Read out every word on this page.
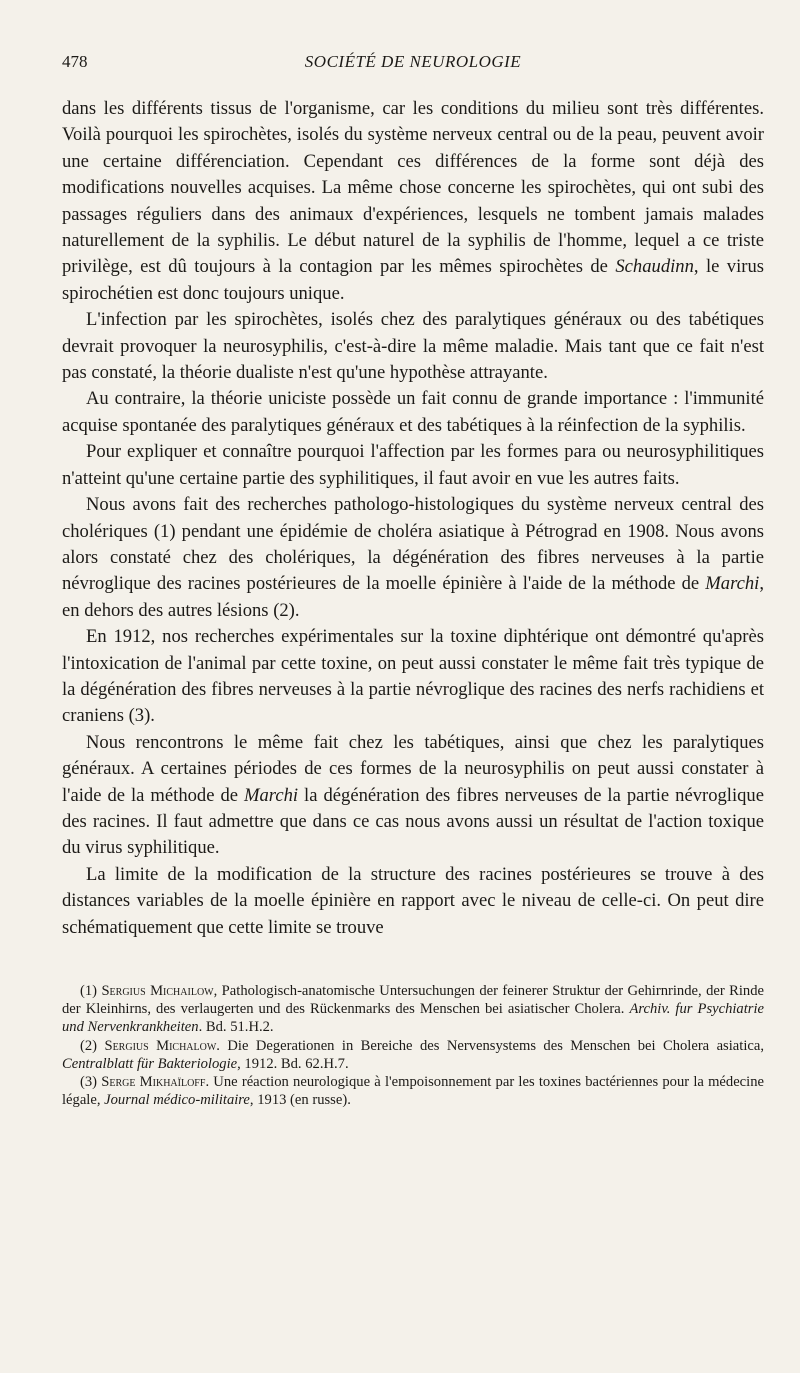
478	SOCIÉTÉ DE NEUROLOGIE

dans les différents tissus de l'organisme, car les conditions du milieu sont très différentes. Voilà pourquoi les spirochètes, isolés du système nerveux central ou de la peau, peuvent avoir une certaine différenciation. Cependant ces différences de la forme sont déjà des modifications nouvelles acquises. La même chose concerne les spirochètes, qui ont subi des passages réguliers dans des animaux d'expériences, lesquels ne tombent jamais malades naturellement de la syphilis. Le début naturel de la syphilis de l'homme, lequel a ce triste privilège, est dû toujours à la contagion par les mêmes spirochètes de Schaudinn, le virus spirochétien est donc toujours unique.

L'infection par les spirochètes, isolés chez des paralytiques généraux ou des tabétiques devrait provoquer la neurosyphilis, c'est-à-dire la même maladie. Mais tant que ce fait n'est pas constaté, la théorie dualiste n'est qu'une hypothèse attrayante.

Au contraire, la théorie uniciste possède un fait connu de grande importance : l'immunité acquise spontanée des paralytiques généraux et des tabétiques à la réinfection de la syphilis.

Pour expliquer et connaître pourquoi l'affection par les formes para ou neurosyphilitiques n'atteint qu'une certaine partie des syphilitiques, il faut avoir en vue les autres faits.

Nous avons fait des recherches pathologo-histologiques du système nerveux central des cholériques (1) pendant une épidémie de choléra asiatique à Pétrograd en 1908. Nous avons alors constaté chez des cholériques, la dégénération des fibres nerveuses à la partie névroglique des racines postérieures de la moelle épinière à l'aide de la méthode de Marchi, en dehors des autres lésions (2).

En 1912, nos recherches expérimentales sur la toxine diphtérique ont démontré qu'après l'intoxication de l'animal par cette toxine, on peut aussi constater le même fait très typique de la dégénération des fibres nerveuses à la partie névroglique des racines des nerfs rachidiens et craniens (3).

Nous rencontrons le même fait chez les tabétiques, ainsi que chez les paralytiques généraux. A certaines périodes de ces formes de la neurosyphilis on peut aussi constater à l'aide de la méthode de Marchi la dégénération des fibres nerveuses de la partie névroglique des racines. Il faut admettre que dans ce cas nous avons aussi un résultat de l'action toxique du virus syphilitique.

La limite de la modification de la structure des racines postérieures se trouve à des distances variables de la moelle épinière en rapport avec le niveau de celle-ci. On peut dire schématiquement que cette limite se trouve

(1) Sergius Michailow, Pathologisch-anatomische Untersuchungen der feinerer Struktur der Gehirnrinde, der Rinde der Kleinhirns, des verlaugerten und des Rückenmarks des Menschen bei asiatischer Cholera. Archiv. fur Psychiatrie und Nervenkrankheiten. Bd. 51.H.2.

(2) Sergius Michalow. Die Degerationen in Bereiche des Nervensystems des Menschen bei Cholera asiatica, Centralblatt für Bakteriologie, 1912. Bd. 62.H.7.

(3) Serge Mikhaïloff. Une réaction neurologique à l'empoisonnement par les toxines bactériennes pour la médecine légale, Journal médico-militaire, 1913 (en russe).
